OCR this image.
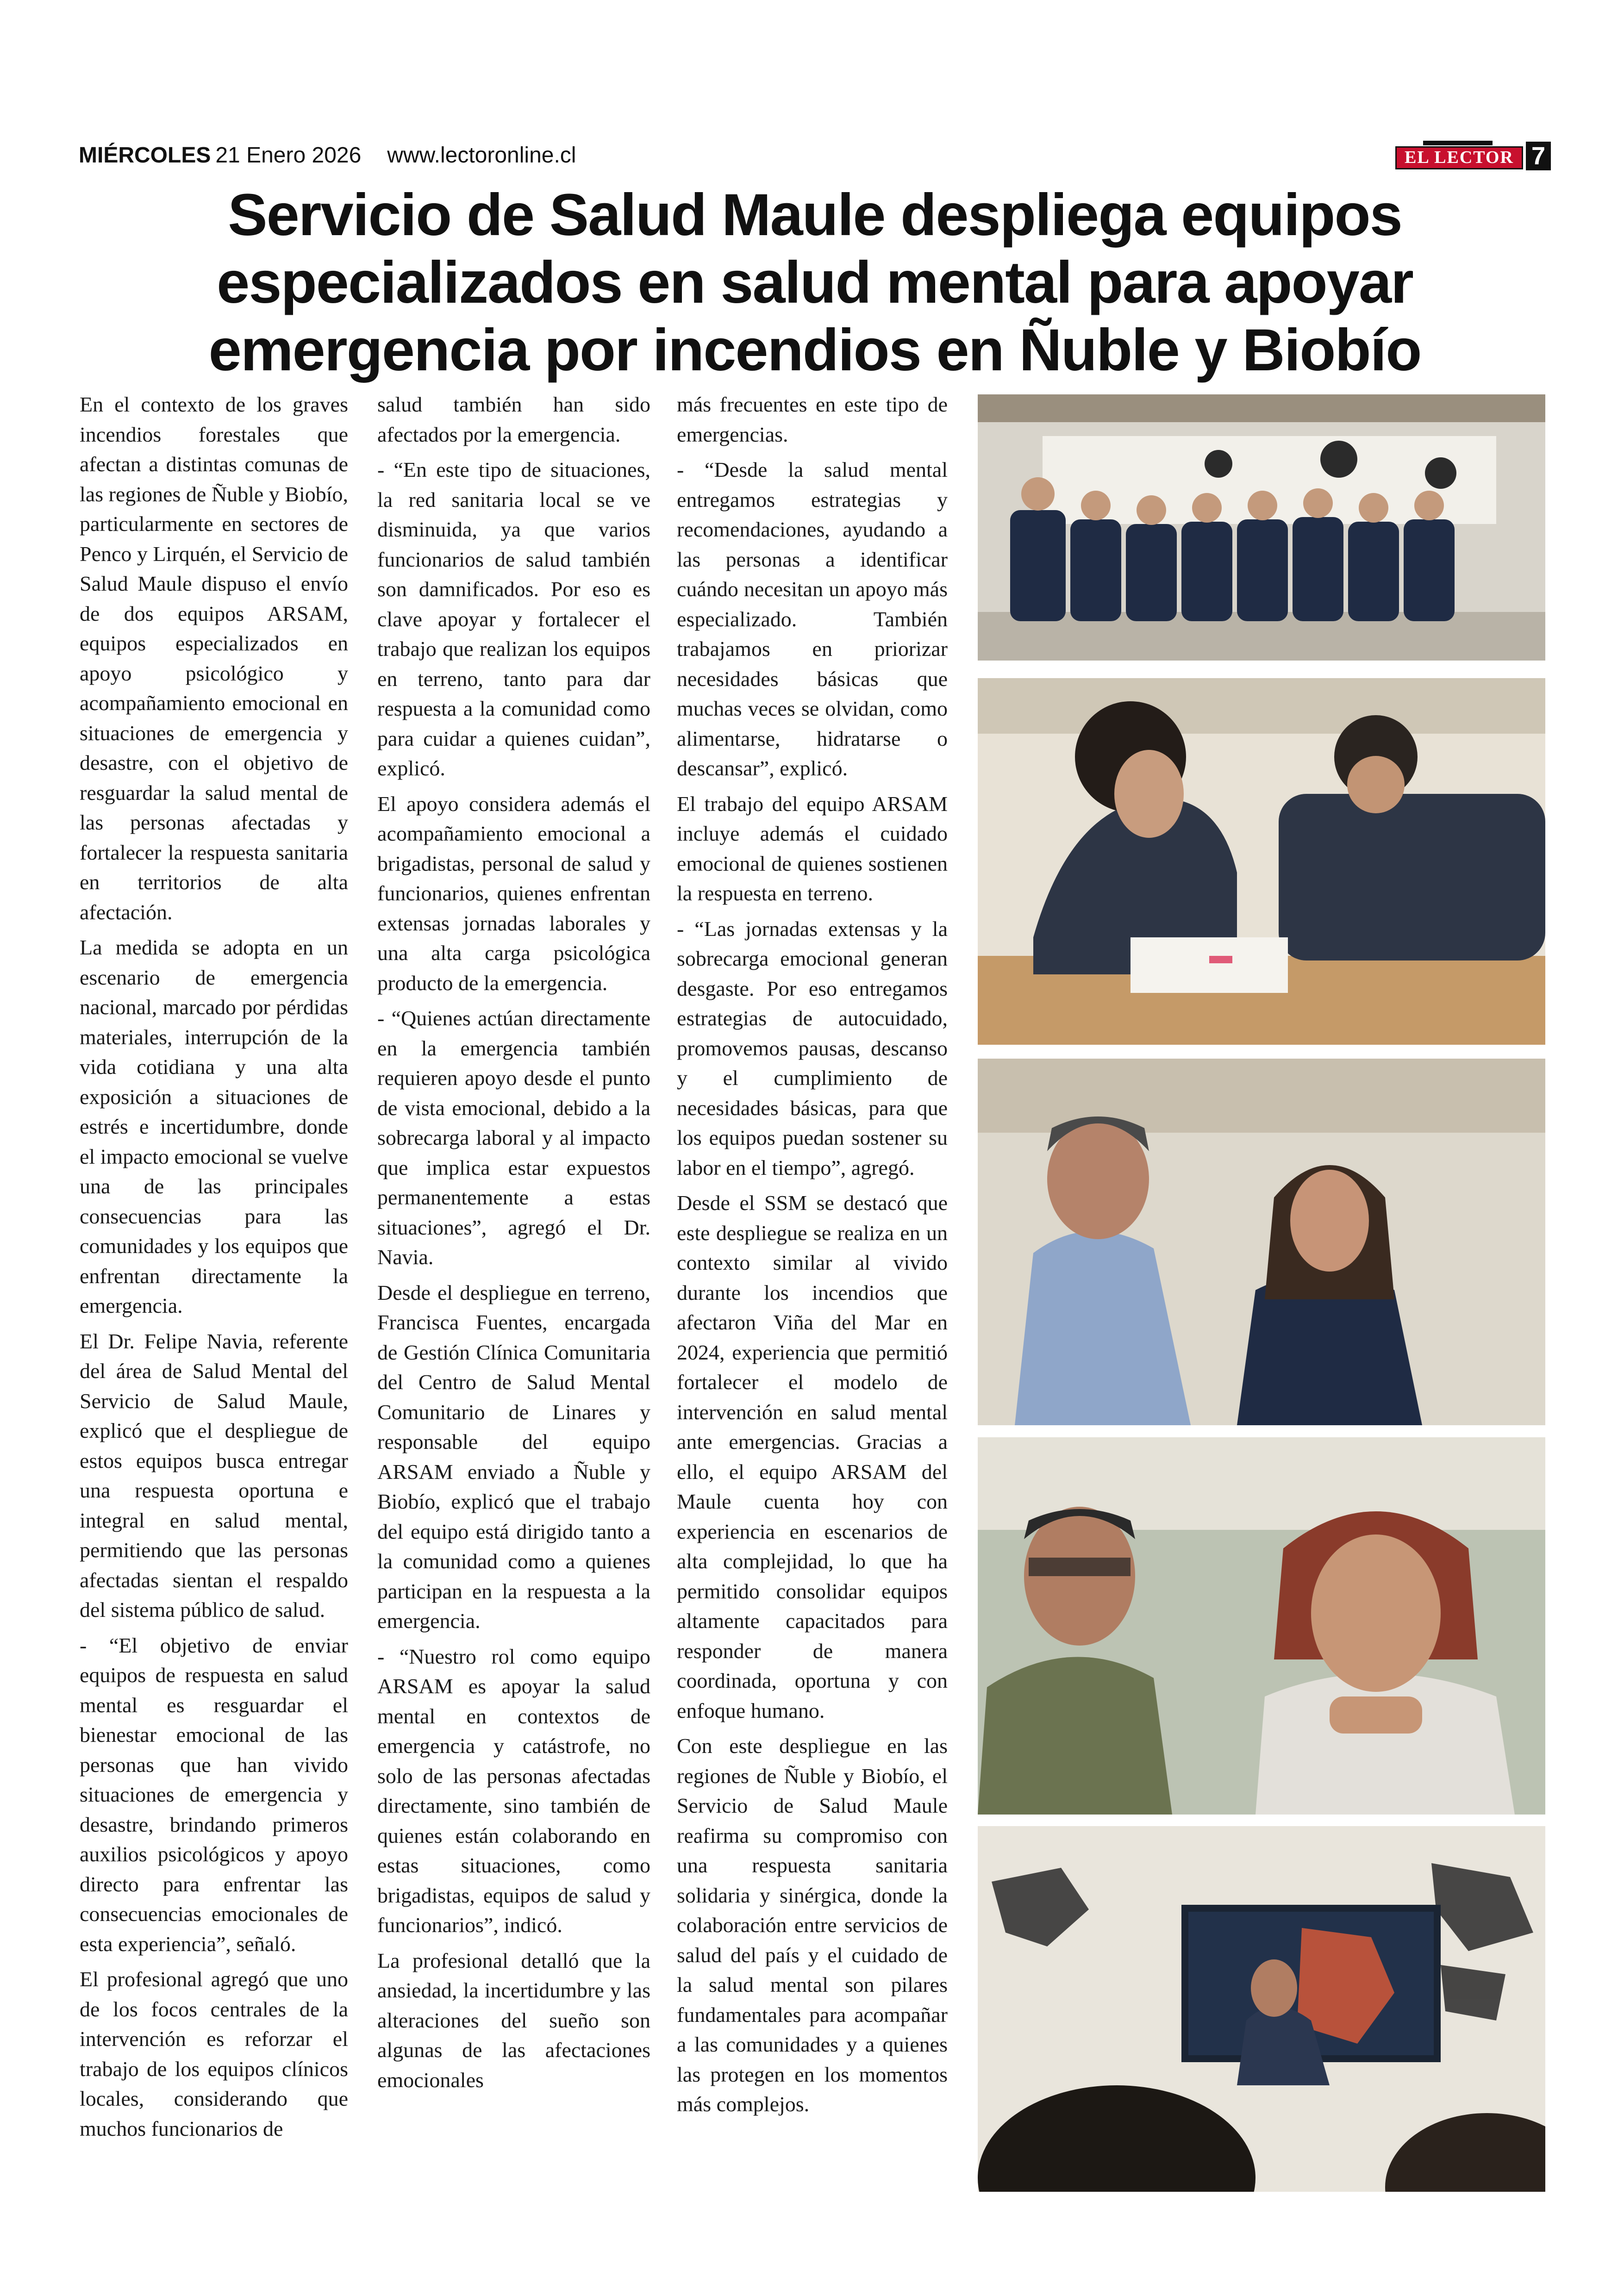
MIÉRCOLES 21 Enero 2026 www.lectoronline.cl	EL LECTOR 7
Servicio de Salud Maule despliega equipos especializados en salud mental para apoyar emergencia por incendios en Ñuble y Biobío

En el contexto de los graves incendios forestales que afectan a distintas comunas de las regiones de Ñuble y Biobío, particularmente en sectores de Penco y Lirquén, el Servicio de Salud Maule dispuso el envío de dos equipos ARSAM, equipos especializados en apoyo psicológico y acompañamiento emocional en situaciones de emergencia y desastre, con el objetivo de resguardar la salud mental de las personas afectadas y fortalecer la respuesta sanitaria en territorios de alta afectación.

La medida se adopta en un escenario de emergencia nacional, marcado por pérdidas materiales, interrupción de la vida cotidiana y una alta exposición a situaciones de estrés e incertidumbre, donde el impacto emocional se vuelve una de las principales consecuencias para las comunidades y los equipos que enfrentan directamente la emergencia.

El Dr. Felipe Navia, referente del área de Salud Mental del Servicio de Salud Maule, explicó que el despliegue de estos equipos busca entregar una respuesta oportuna e integral en salud mental, permitiendo que las personas afectadas sientan el respaldo del sistema público de salud.

- “El objetivo de enviar equipos de respuesta en salud mental es resguardar el bienestar emocional de las personas que han vivido situaciones de emergencia y desastre, brindando primeros auxilios psicológicos y apoyo directo para enfrentar las consecuencias emocionales de esta experiencia”, señaló.

El profesional agregó que uno de los focos centrales de la intervención es reforzar el trabajo de los equipos clínicos locales, considerando que muchos funcionarios de

salud también han sido afectados por la emergencia.

- “En este tipo de situaciones, la red sanitaria local se ve disminuida, ya que varios funcionarios de salud también son damnificados. Por eso es clave apoyar y fortalecer el trabajo que realizan los equipos en terreno, tanto para dar respuesta a la comunidad como para cuidar a quienes cuidan”, explicó.

El apoyo considera además el acompañamiento emocional a brigadistas, personal de salud y funcionarios, quienes enfrentan extensas jornadas laborales y una alta carga psicológica producto de la emergencia.

- “Quienes actúan directamente en la emergencia también requieren apoyo desde el punto de vista emocional, debido a la sobrecarga laboral y al impacto que implica estar expuestos permanentemente a estas situaciones”, agregó el Dr. Navia.

Desde el despliegue en terreno, Francisca Fuentes, encargada de Gestión Clínica Comunitaria del Centro de Salud Mental Comunitario de Linares y responsable del equipo ARSAM enviado a Ñuble y Biobío, explicó que el trabajo del equipo está dirigido tanto a la comunidad como a quienes participan en la respuesta a la emergencia.

- “Nuestro rol como equipo ARSAM es apoyar la salud mental en contextos de emergencia y catástrofe, no solo de las personas afectadas directamente, sino también de quienes están colaborando en estas situaciones, como brigadistas, equipos de salud y funcionarios”, indicó.

La profesional detalló que la ansiedad, la incertidumbre y las alteraciones del sueño son algunas de las afectaciones emocionales

más frecuentes en este tipo de emergencias.

- “Desde la salud mental entregamos estrategias y recomendaciones, ayudando a las personas a identificar cuándo necesitan un apoyo más especializado. También trabajamos en priorizar necesidades básicas que muchas veces se olvidan, como alimentarse, hidratarse o descansar”, explicó.

El trabajo del equipo ARSAM incluye además el cuidado emocional de quienes sostienen la respuesta en terreno.

- “Las jornadas extensas y la sobrecarga emocional generan desgaste. Por eso entregamos estrategias de autocuidado, promovemos pausas, descanso y el cumplimiento de necesidades básicas, para que los equipos puedan sostener su labor en el tiempo”, agregó.

Desde el SSM se destacó que este despliegue se realiza en un contexto similar al vivido durante los incendios que afectaron Viña del Mar en 2024, experiencia que permitió fortalecer el modelo de intervención en salud mental ante emergencias. Gracias a ello, el equipo ARSAM del Maule cuenta hoy con experiencia en escenarios de alta complejidad, lo que ha permitido consolidar equipos altamente capacitados para responder de manera coordinada, oportuna y con enfoque humano.

Con este despliegue en las regiones de Ñuble y Biobío, el Servicio de Salud Maule reafirma su compromiso con una respuesta sanitaria solidaria y sinérgica, donde la colaboración entre servicios de salud del país y el cuidado de la salud mental son pilares fundamentales para acompañar a las comunidades y a quienes las protegen en los momentos más complejos.
